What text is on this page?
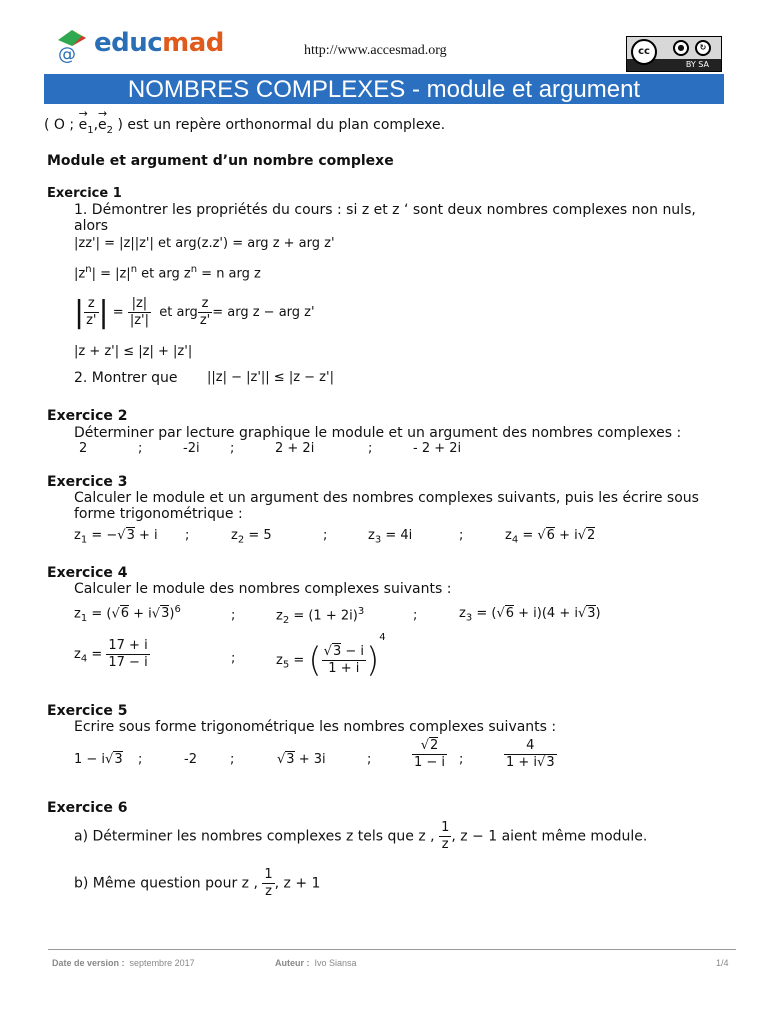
@ educmad	http://www.accesmad.org	cc	●	↻
BY SA
NOMBRES COMPLEXES - module et argument
( O ; → $e_1,\to e_2$ ) est un repère orthonormal du plan complexe.
Module et argument d’un nombre complexe
Exercice 1
1. Démontrer les propriétés du cours : si z et z ‘ sont deux nombres complexes non nuls,
alors
|zz'| = |z||z'| et arg(z.z') = arg z + arg z'
$|z^n| = |z|^n$ et arg $z^n = n$ arg z
| $\frac{z}{z'}$ | = $\frac{|z|}{|z'|}$ et arg $\frac{z}{z'}$ = arg z − arg z'
|z + z'| ≤ |z| + |z'|
2. Montrer que ||z| − |z'|| ≤ |z − z'|
Exercice 2
Déterminer par lecture graphique le module et un argument des nombres complexes :
2	;	-2i ;	2 + 2i	;	- 2 + 2i
Exercice 3
Calculer le module et un argument des nombres complexes suivants, puis les écrire sous
forme trigonométrique :
$z_1 = -√3 + i$ ;	$z_2 = 5$	;	$z_3 = 4i$	;	$z_4 = √6 + i√2$
Exercice 4
Calculer le module des nombres complexes suivants :
$z_1 = (√6 + i√3)^6$	;	$z_2 = (1 + 2i)^3$	;	$z_3 = (√6 + i)(4 + i√3)$
$z_4 = \frac{17 + i}{17 - i}$	;	$z_5$ = ( $\frac{√3 - i}{1 + i} )^4$
Exercice 5
Ecrire sous forme trigonométrique les nombres complexes suivants :
1 − i√3 ;	-2	;	√3 + 3i	;	$\frac{√2}{1 - i}$ ;	$\frac{4}{1 + i√3}$
Exercice 6
a) Déterminer les nombres complexes z tels que z , $\frac{1}{z}$ , z − 1 aient même module.
b) Même question pour z , $\frac{1}{z}$ , z + 1
Date de version : septembre 2017	Auteur : Ivo Siansa	1/4
